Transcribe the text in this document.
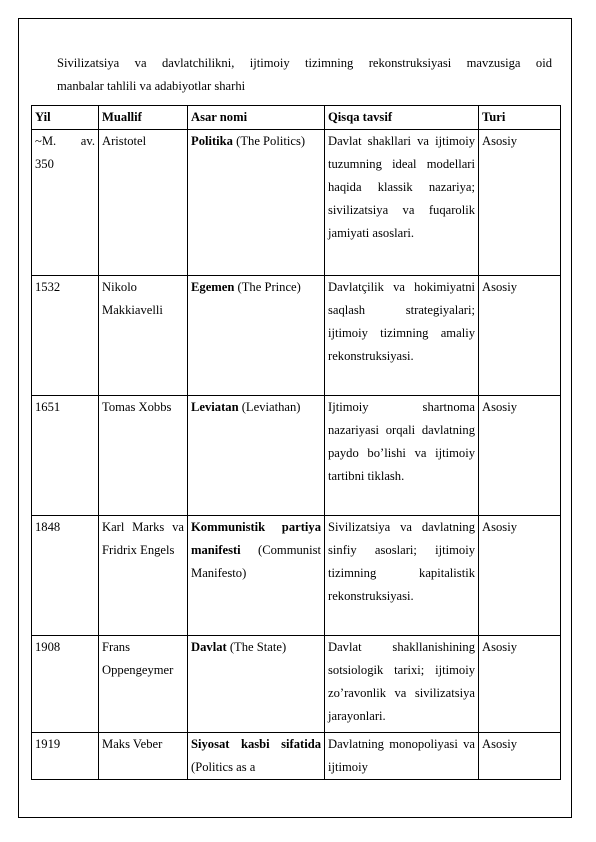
Sivilizatsiya va davlatchilikni, ijtimoiy tizimning rekonstruksiyasi mavzusiga oid
manbalar tahlili va adabiyotlar sharhi
Yil	Muallif	Asar nomi	Qisqa tavsif	Turi
~M. av. 350	Aristotel	Politika (The Politics)	Davlat shakllari va ijtimoiy tuzumning ideal modellari haqida klassik nazariya; sivilizatsiya va fuqarolik jamiyati asoslari.	Asosiy
1532	Nikolo Makkiavelli	Egemen (The Prince)	Davlatçilik va hokimiyatni saqlash strategiyalari; ijtimoiy tizimning amaliy rekonstruksiyasi.	Asosiy
1651	Tomas Xobbs	Leviatan (Leviathan)	Ijtimoiy shartnoma nazariyasi orqali davlatning paydo bo’lishi va ijtimoiy tartibni tiklash.	Asosiy
1848	Karl Marks va Fridrix Engels	Kommunistik partiya manifesti (Communist Manifesto)	Sivilizatsiya va davlatning sinfiy asoslari; ijtimoiy tizimning kapitalistik rekonstruksiyasi.	Asosiy
1908	Frans Oppengeymer	Davlat (The State)	Davlat shakllanishining sotsiologik tarixi; ijtimoiy zo’ravonlik va sivilizatsiya jarayonlari.	Asosiy
1919	Maks Veber	Siyosat kasbi sifatida (Politics as a	Davlatning monopoliyasi va ijtimoiy	Asosiy
